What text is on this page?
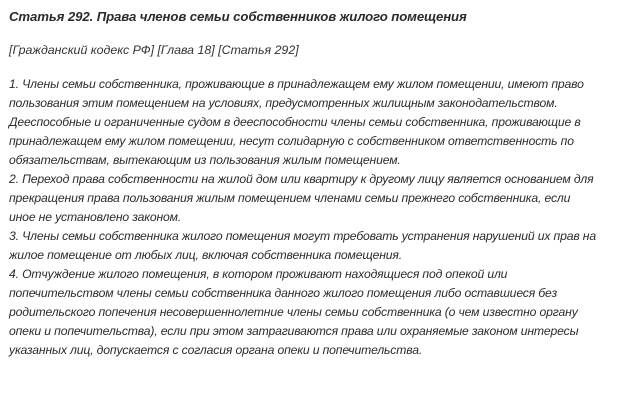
Статья 292. Права членов семьи собственников жилого помещения
[Гражданский кодекс РФ] [Глава 18] [Статья 292]
1. Члены семьи собственника, проживающие в принадлежащем ему жилом помещении, имеют право
пользования этим помещением на условиях, предусмотренных жилищным законодательством.
Дееспособные и ограниченные судом в дееспособности члены семьи собственника, проживающие в
принадлежащем ему жилом помещении, несут солидарную с собственником ответственность по
обязательствам, вытекающим из пользования жилым помещением.
2. Переход права собственности на жилой дом или квартиру к другому лицу является основанием для
прекращения права пользования жилым помещением членами семьи прежнего собственника, если
иное не установлено законом.
3. Члены семьи собственника жилого помещения могут требовать устранения нарушений их прав на
жилое помещение от любых лиц, включая собственника помещения.
4. Отчуждение жилого помещения, в котором проживают находящиеся под опекой или
попечительством члены семьи собственника данного жилого помещения либо оставшиеся без
родительского попечения несовершеннолетние члены семьи собственника (о чем известно органу
опеки и попечительства), если при этом затрагиваются права или охраняемые законом интересы
указанных лиц, допускается с согласия органа опеки и попечительства.
